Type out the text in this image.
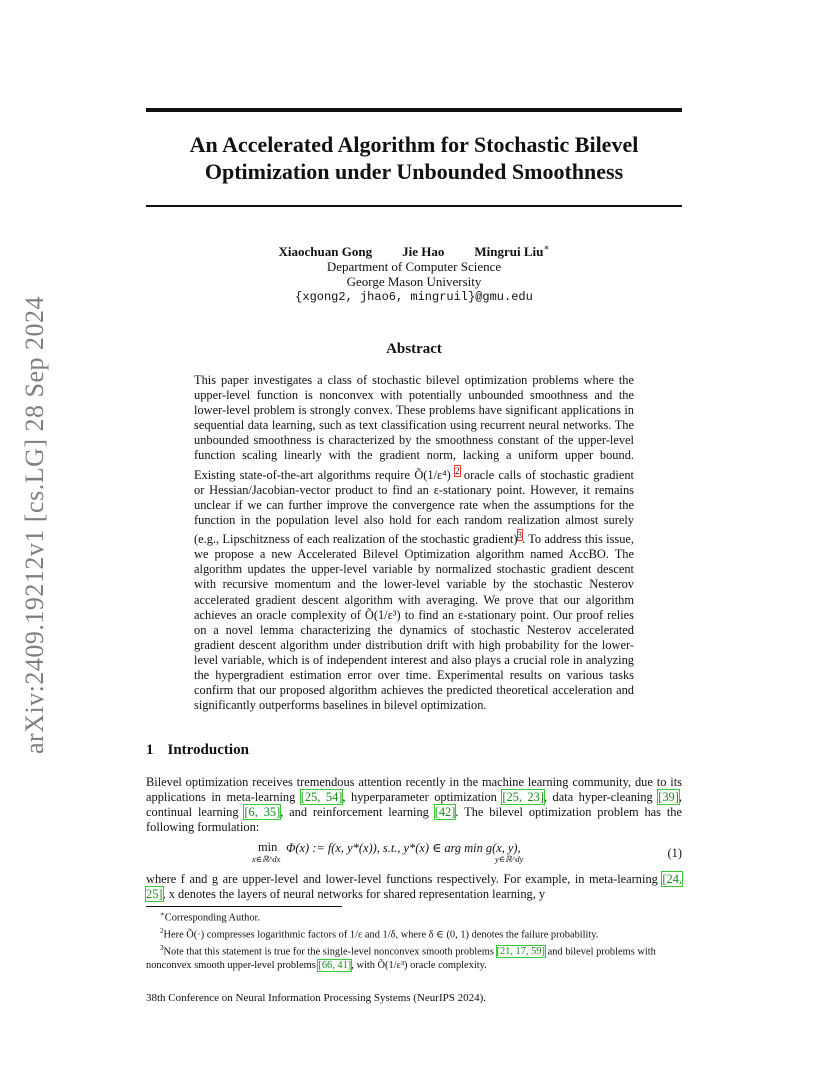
arXiv:2409.19212v1 [cs.LG] 28 Sep 2024
An Accelerated Algorithm for Stochastic Bilevel
Optimization under Unbounded Smoothness
Xiaochuan Gong Jie Hao Mingrui Liu∗
Department of Computer Science
George Mason University
{xgong2, jhao6, mingruil}@gmu.edu
Abstract

This paper investigates a class of stochastic bilevel optimization problems where the upper-level function is nonconvex with potentially unbounded smoothness and the lower-level problem is strongly convex. These problems have significant applications in sequential data learning, such as text classification using recurrent neural networks. The unbounded smoothness is characterized by the smoothness constant of the upper-level function scaling linearly with the gradient norm, lacking a uniform upper bound. Existing state-of-the-art algorithms require Õ(1/ε⁴) $^2$ oracle calls of stochastic gradient or Hessian/Jacobian-vector product to find an ε-stationary point. However, it remains unclear if we can further improve the convergence rate when the assumptions for the function in the population level also hold for each random realization almost surely (e.g., Lipschitzness of each realization of the stochastic gradient)$^3$. To address this issue, we propose a new Accelerated Bilevel Optimization algorithm named AccBO. The algorithm updates the upper-level variable by normalized stochastic gradient descent with recursive momentum and the lower-level variable by the stochastic Nesterov accelerated gradient descent algorithm with averaging. We prove that our algorithm achieves an oracle complexity of Õ(1/ε³) to find an ε-stationary point. Our proof relies on a novel lemma characterizing the dynamics of stochastic Nesterov accelerated gradient descent algorithm under distribution drift with high probability for the lower-level variable, which is of independent interest and also plays a crucial role in analyzing the hypergradient estimation error over time. Experimental results on various tasks confirm that our proposed algorithm achieves the predicted theoretical acceleration and significantly outperforms baselines in bilevel optimization.

1 Introduction

Bilevel optimization receives tremendous attention recently in the machine learning community, due to its applications in meta-learning [25, 54], hyperparameter optimization [25, 23], data hyper-cleaning [39], continual learning [6, 35], and reinforcement learning [42]. The bilevel optimization problem has the following formulation:

min
x∈ℝ^dx
Φ(x) := f(x, y*(x)), s.t., y*(x) ∈ arg min g(x, y),
y∈ℝ^dy	(1)

where f and g are upper-level and lower-level functions respectively. For example, in meta-learning [24, 25], x denotes the layers of neural networks for shared representation learning, y

∗Corresponding Author.

$^2$Here Õ(·) compresses logarithmic factors of 1/ε and 1/δ, where δ ∈ (0, 1) denotes the failure probability.

$^3$Note that this statement is true for the single-level nonconvex smooth problems [21, 17, 59] and bilevel problems with nonconvex smooth upper-level problems [66, 41], with Õ(1/ε³) oracle complexity.

38th Conference on Neural Information Processing Systems (NeurIPS 2024).
